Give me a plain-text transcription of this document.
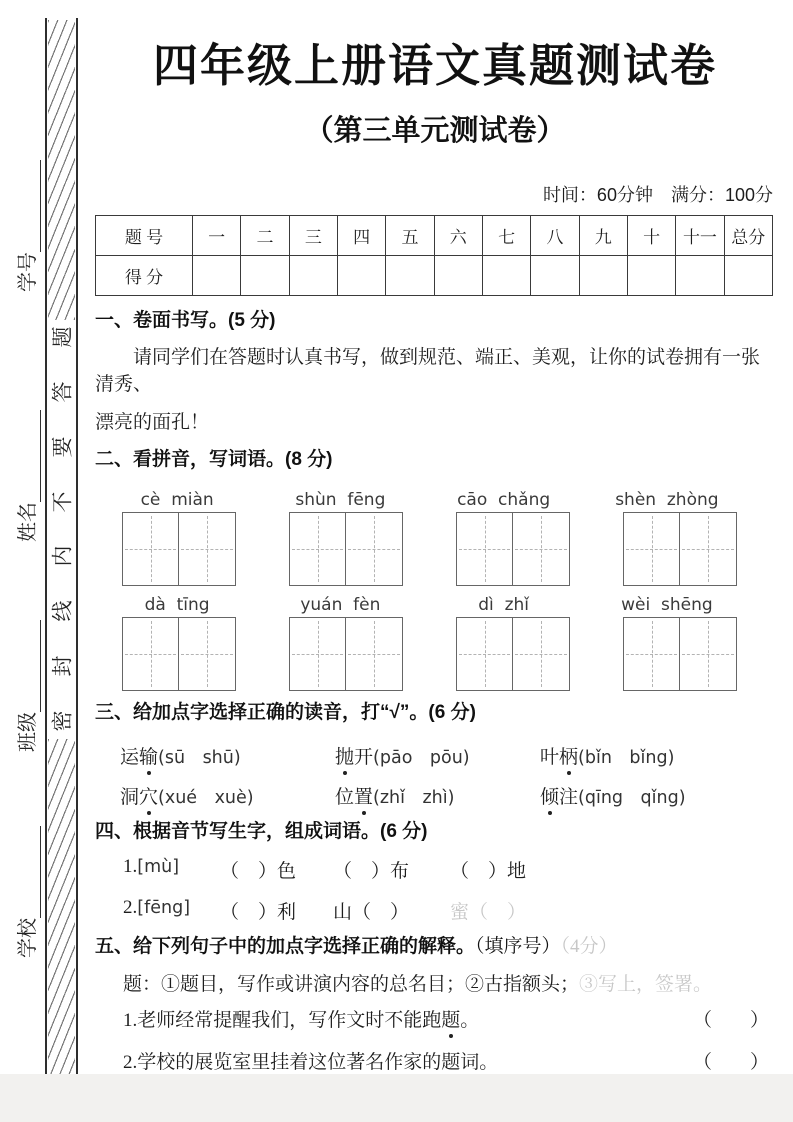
题
答
要
不
内
线
封
密
学号
姓名
班级
学校
四年级上册语文真题测试卷
（第三单元测试卷）
时间：60分钟　满分：100分
题 号	一	二	三	四	五	六	七	八	九	十	十一	总分
得 分												
一、卷面书写。(5 分)
请同学们在答题时认真书写，做到规范、端正、美观，让你的试卷拥有一张清秀、
漂亮的面孔！
二、看拼音，写词语。(8 分)
cè  miàn	shùn  fēng	cāo  chǎng	shèn  zhòng
dà  tīng	yuán  fèn	dì  zhǐ	wèi  shēng
三、给加点字选择正确的读音，打“√”。(6 分)
运输(sū　shū)	抛开(pāo　pōu)	叶柄(bǐn　bǐng)
洞穴(xué　xuè)	位置(zhǐ　zhì)	倾注(qīng　qǐng)
四、根据音节写生字，组成词语。(6 分)
1.[mù]	（　）色	（　）布	（　）地
2.[fēng]	（　）利	山（　）	蜜（　）
五、给下列句子中的加点字选择正确的解释。（填序号）（4分）
题：①题目，写作或讲演内容的总名目；②古指额头；③写上，签署。
1.老师经常提醒我们，写作文时不能跑题。	（　　）
2.学校的展览室里挂着这位著名作家的题词。	（　　）
